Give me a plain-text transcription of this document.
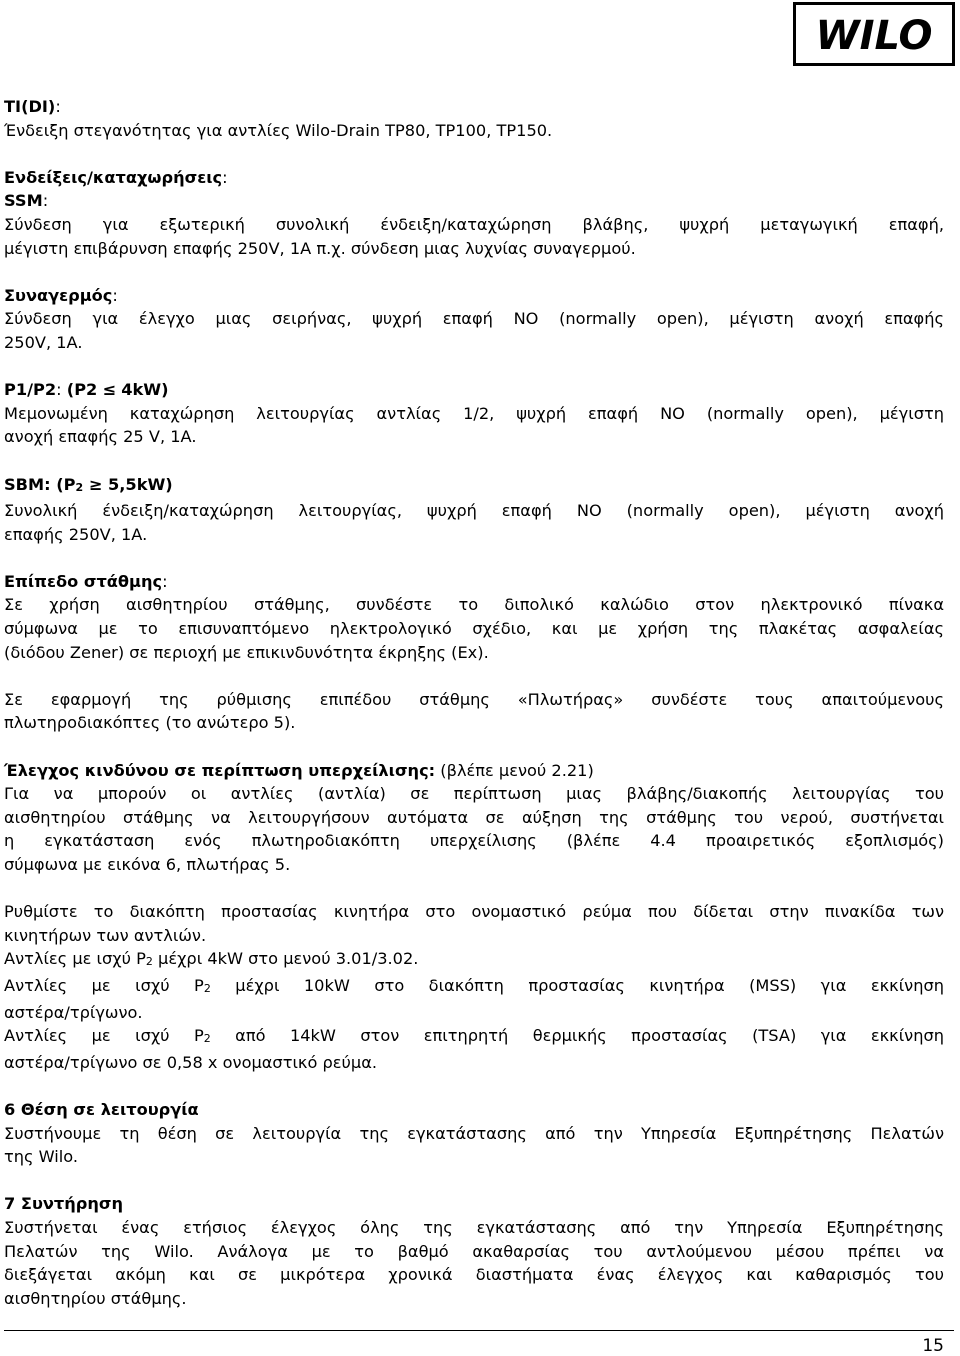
WILO
TI(DI):

Ένδειξη στεγανότητας για αντλίες Wilo-Drain TP80, TP100, TP150.

Ενδείξεις/καταχωρήσεις:
SSM:

Σύνδεση για εξωτερική συνολική ένδειξη/καταχώρηση βλάβης, ψυχρή μεταγωγική επαφή,

μέγιστη επιβάρυνση επαφής 250V, 1A π.χ. σύνδεση μιας λυχνίας συναγερμού.

Συναγερμός:

Σύνδεση για έλεγχο μιας σειρήνας, ψυχρή επαφή NO (normally open), μέγιστη ανοχή επαφής

250V, 1A.

P1/P2: (P2 ≤ 4kW)

Μεμονωμένη καταχώρηση λειτουργίας αντλίας 1/2, ψυχρή επαφή NO (normally open), μέγιστη

ανοχή επαφής 25 V, 1A.

SBM: (P2 ≥ 5,5kW)

Συνολική ένδειξη/καταχώρηση λειτουργίας, ψυχρή επαφή NO (normally open), μέγιστη ανοχή

επαφής 250V, 1A.

Επίπεδο στάθμης:

Σε χρήση αισθητηρίου στάθμης, συνδέστε το διπολικό καλώδιο στον ηλεκτρονικό πίνακα

σύμφωνα με το επισυναπτόμενο ηλεκτρολογικό σχέδιο, και με χρήση της πλακέτας ασφαλείας

(διόδου Zener) σε περιοχή με επικινδυνότητα έκρηξης (Ex).

Σε εφαρμογή της ρύθμισης επιπέδου στάθμης «Πλωτήρας» συνδέστε τους απαιτούμενους

πλωτηροδιακόπτες (το ανώτερο 5).

Έλεγχος κινδύνου σε περίπτωση υπερχείλισης: (βλέπε μενού 2.21)

Για να μπορούν οι αντλίες (αντλία) σε περίπτωση μιας βλάβης/διακοπής λειτουργίας του

αισθητηρίου στάθμης να λειτουργήσουν αυτόματα σε αύξηση της στάθμης του νερού, συστήνεται

η εγκατάσταση ενός πλωτηροδιακόπτη υπερχείλισης (βλέπε 4.4 προαιρετικός εξοπλισμός)

σύμφωνα με εικόνα 6, πλωτήρας 5.

Ρυθμίστε το διακόπτη προστασίας κινητήρα στο ονομαστικό ρεύμα που δίδεται στην πινακίδα των

κινητήρων των αντλιών.

Αντλίες με ισχύ P2 μέχρι 4kW στο μενού 3.01/3.02.

Αντλίες με ισχύ P2 μέχρι 10kW στο διακόπτη προστασίας κινητήρα (MSS) για εκκίνηση

αστέρα/τρίγωνο.

Αντλίες με ισχύ P2 από 14kW στον επιτηρητή θερμικής προστασίας (TSA) για εκκίνηση

αστέρα/τρίγωνο σε 0,58 x ονομαστικό ρεύμα.

6 Θέση σε λειτουργία

Συστήνουμε τη θέση σε λειτουργία της εγκατάστασης από την Υπηρεσία Εξυπηρέτησης Πελατών

της Wilo.

7 Συντήρηση

Συστήνεται ένας ετήσιος έλεγχος όλης της εγκατάστασης από την Υπηρεσία Εξυπηρέτησης

Πελατών της Wilo. Ανάλογα με το βαθμό ακαθαρσίας του αντλούμενου μέσου πρέπει να

διεξάγεται ακόμη και σε μικρότερα χρονικά διαστήματα ένας έλεγχος και καθαρισμός του

αισθητηρίου στάθμης.

15
